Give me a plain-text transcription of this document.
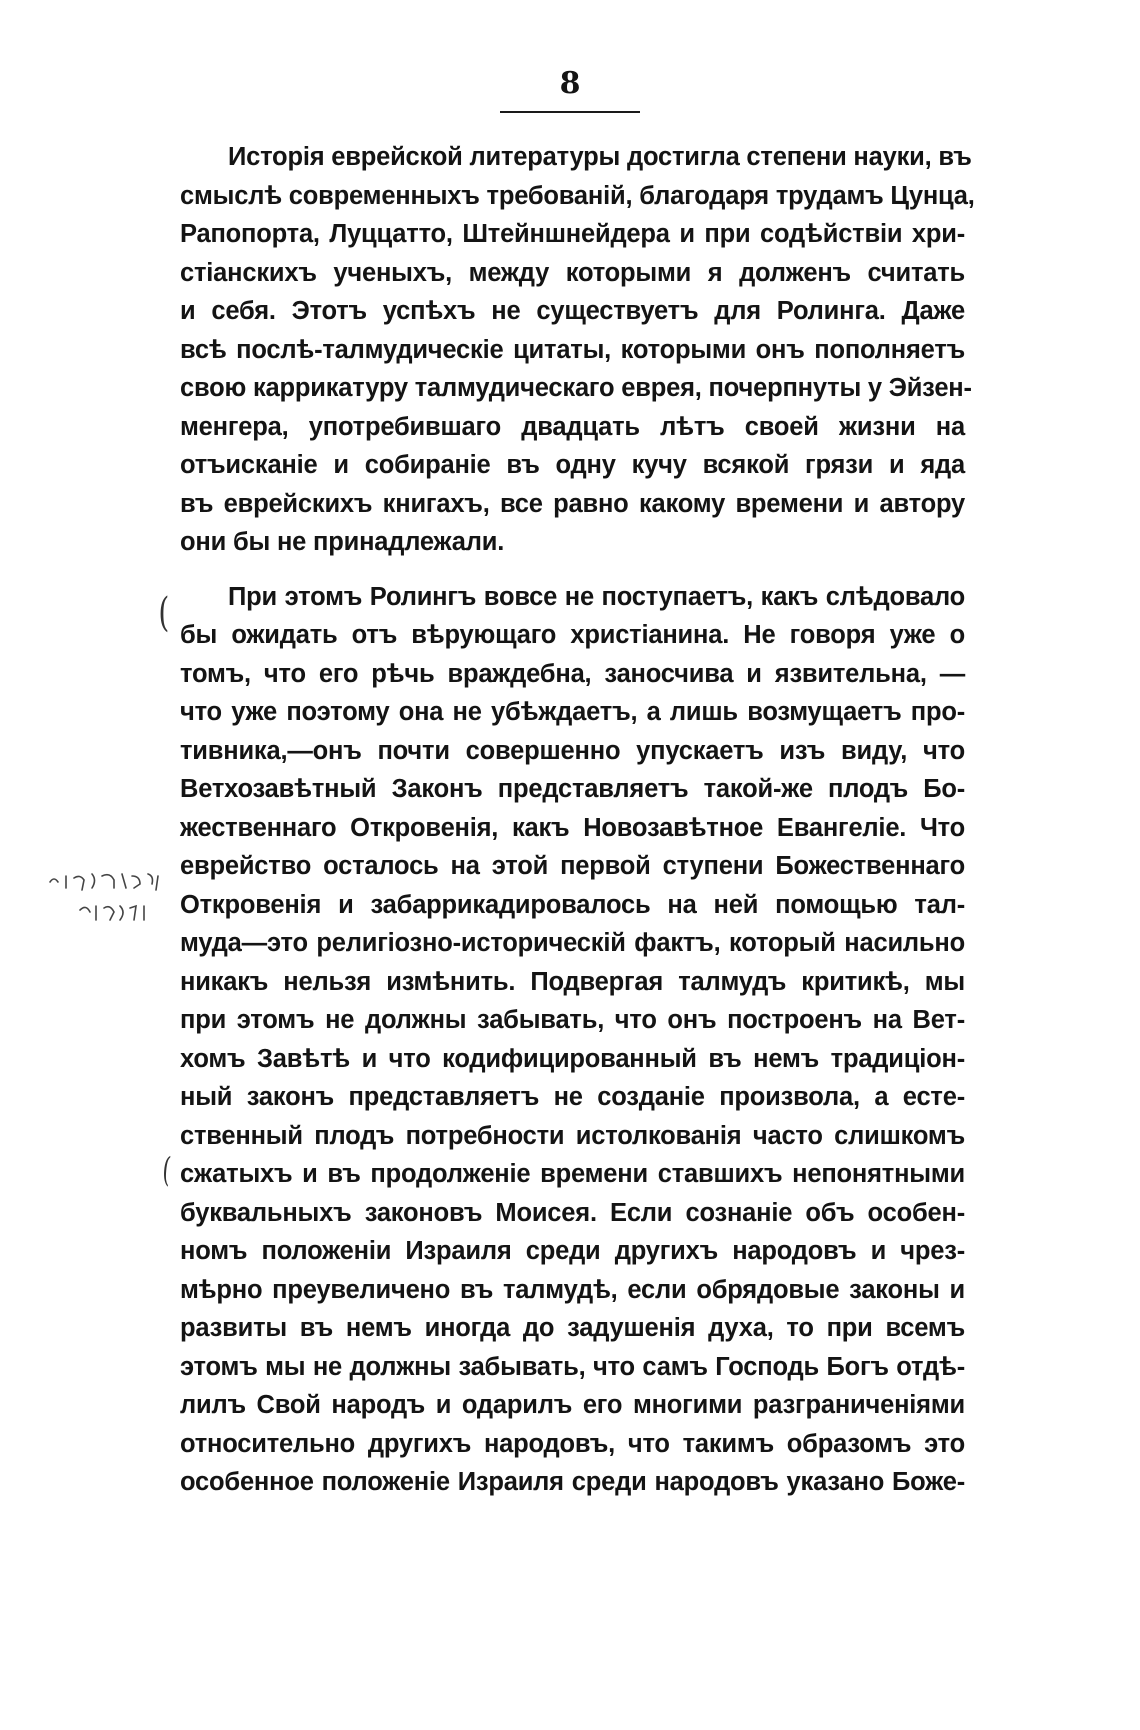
8
Исторія еврейской литературы достигла степени науки, въ
смыслѣ современныхъ требованій, благодаря трудамъ Цунца,
Рапопорта, Луццатто, Штейншнейдера и при содѣйствіи хри-
стіанскихъ ученыхъ, между которыми я долженъ считать
и себя. Этотъ успѣхъ не существуетъ для Ролинга. Даже
всѣ послѣ-талмудическіе цитаты, которыми онъ пополняетъ
свою каррикатуру талмудическаго еврея, почерпнуты у Эйзен-
менгера, употребившаго двадцать лѣтъ своей жизни на
отъисканіе и собираніе въ одну кучу всякой грязи и яда
въ еврейскихъ книгахъ, все равно какому времени и автору
они бы не принадлежали.
При этомъ Ролингъ вовсе не поступаетъ, какъ слѣдовало
бы ожидать отъ вѣрующаго христіанина. Не говоря уже о
томъ, что его рѣчь враждебна, заносчива и язвительна, —
что уже поэтому она не убѣждаетъ, а лишь возмущаетъ про-
тивника,—онъ почти совершенно упускаетъ изъ виду, что
Ветхозавѣтный Законъ представляетъ такой-же плодъ Бо-
жественнаго Откровенія, какъ Новозавѣтное Евангеліе. Что
еврейство осталось на этой первой ступени Божественнаго
Откровенія и забаррикадировалось на ней помощью тал-
муда—это религіозно-историческій фактъ, который насильно
никакъ нельзя измѣнить. Подвергая талмудъ критикѣ, мы
при этомъ не должны забывать, что онъ построенъ на Вет-
хомъ Завѣтѣ и что кодифицированный въ немъ традиціон-
ный законъ представляетъ не созданіе произвола, а есте-
ственный плодъ потребности истолкованія часто слишкомъ
сжатыхъ и въ продолженіе времени ставшихъ непонятными
буквальныхъ законовъ Моисея. Если сознаніе объ особен-
номъ положеніи Израиля среди другихъ народовъ и чрез-
мѣрно преувеличено въ талмудѣ, если обрядовые законы и
развиты въ немъ иногда до задушенія духа, то при всемъ
этомъ мы не должны забывать, что самъ Господь Богъ отдѣ-
лилъ Свой народъ и одарилъ его многими разграниченіями
относительно другихъ народовъ, что такимъ образомъ это
особенное положеніе Израиля среди народовъ указано Боже-
(
(
